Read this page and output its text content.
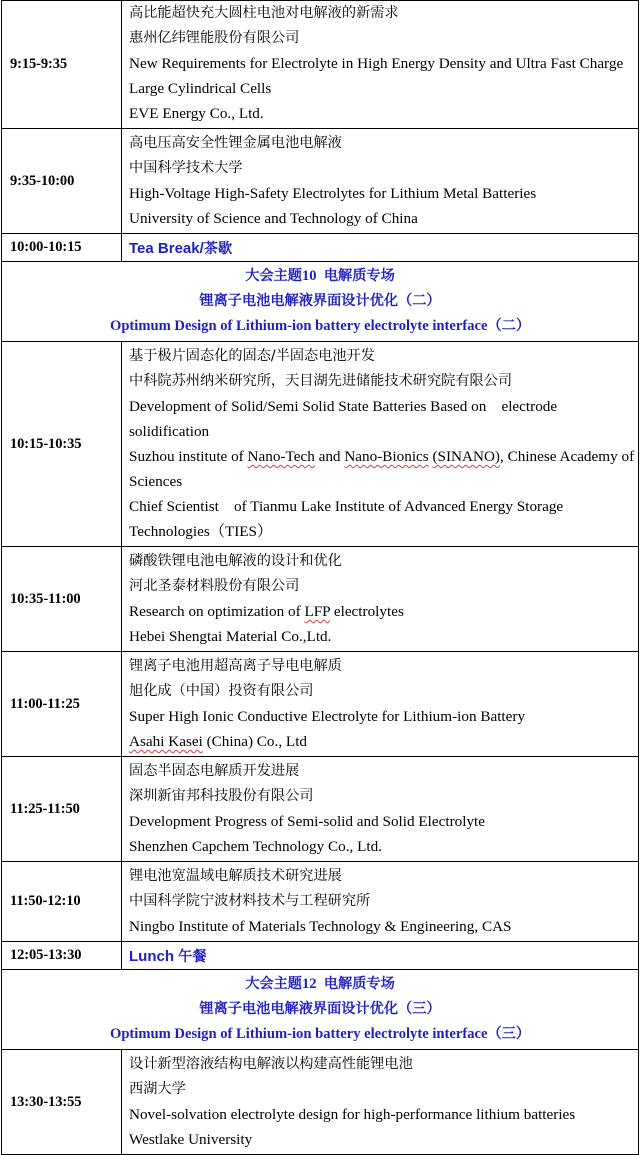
9:15-9:35	高比能超快充大圆柱电池对电解液的新需求
惠州亿纬锂能股份有限公司
New Requirements for Electrolyte in High Energy Density and Ultra Fast Charge Large Cylindrical Cells
EVE Energy Co., Ltd.

9:35-10:00	高电压高安全性锂金属电池电解液
中国科学技术大学
High-Voltage High-Safety Electrolytes for Lithium Metal Batteries
University of Science and Technology of China

10:00-10:15	Tea Break/茶歇

大会主题10 电解质专场
锂离子电池电解液界面设计优化（二）
Optimum Design of Lithium-ion battery electrolyte interface（二）	

10:15-10:35	基于极片固态化的固态/半固态电池开发
中科院苏州纳米研究所，天目湖先进储能技术研究院有限公司
Development of Solid/Semi Solid State Batteries Based on    electrode solidification
Suzhou institute of Nano-Tech and Nano-Bionics (SINANO), Chinese Academy of Sciences
Chief Scientist    of Tianmu Lake Institute of Advanced Energy Storage Technologies（TIES）

10:35-11:00	磷酸铁锂电池电解液的设计和优化
河北圣泰材料股份有限公司
Research on optimization of LFP electrolytes
Hebei Shengtai Material Co.,Ltd.

11:00-11:25	锂离子电池用超高离子导电电解质
旭化成（中国）投资有限公司
Super High Ionic Conductive Electrolyte for Lithium-ion Battery
Asahi Kasei (China) Co., Ltd

11:25-11:50	固态半固态电解质开发进展
深圳新宙邦科技股份有限公司
Development Progress of Semi-solid and Solid Electrolyte
Shenzhen Capchem Technology Co., Ltd.

11:50-12:10	锂电池宽温域电解质技术研究进展
中国科学院宁波材料技术与工程研究所
Ningbo Institute of Materials Technology & Engineering, CAS

12:05-13:30	Lunch 午餐

大会主题12 电解质专场
锂离子电池电解液界面设计优化（三）
Optimum Design of Lithium-ion battery electrolyte interface（三）	

13:30-13:55	设计新型溶液结构电解液以构建高性能锂电池
西湖大学
Novel-solvation electrolyte design for high-performance lithium batteries
Westlake University
